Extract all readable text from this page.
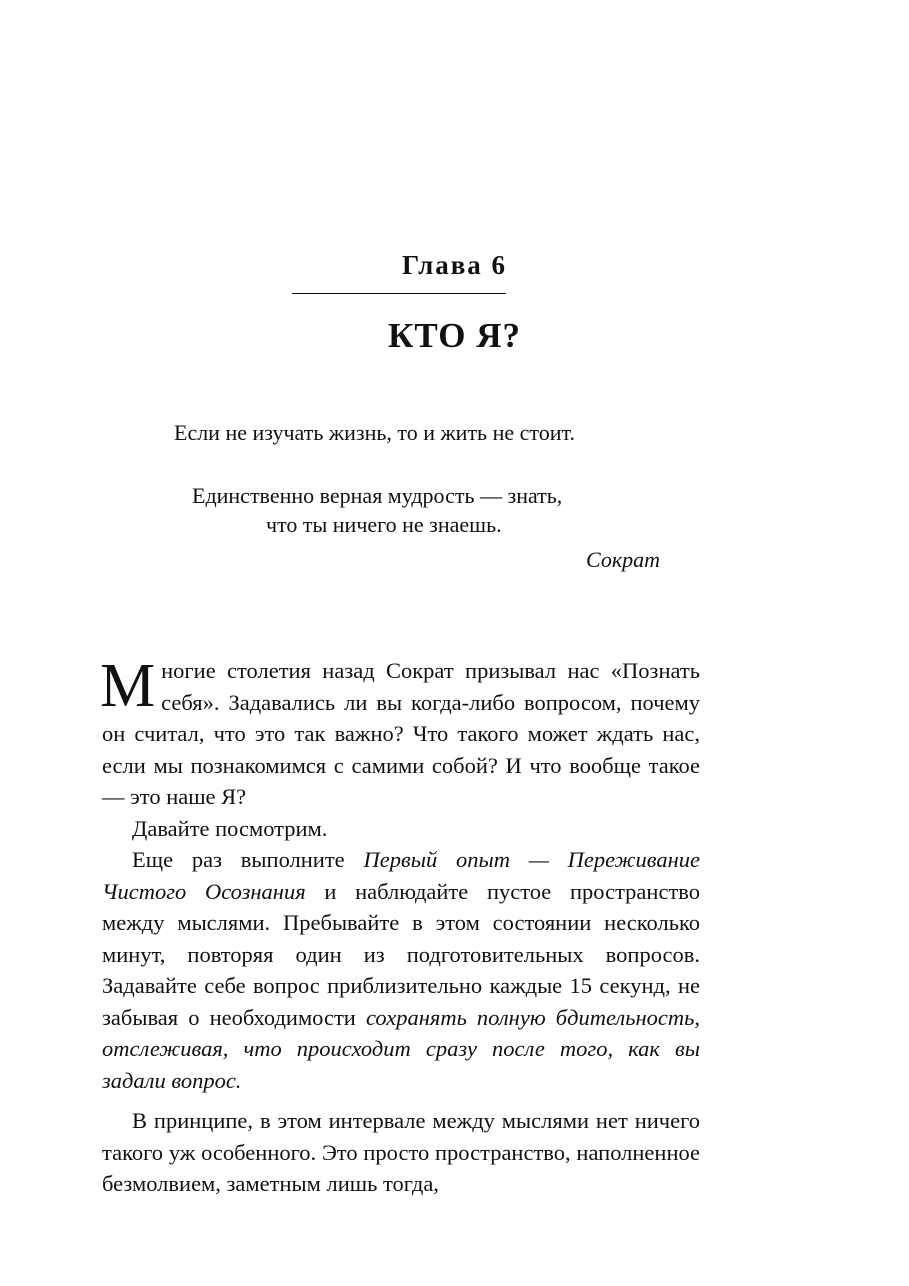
Глава 6
КТО Я?
Если не изучать жизнь, то и жить не стоит.
Единственно верная мудрость — знать,
что ты ничего не знаешь.
Сократ

Многие столетия назад Сократ призывал нас «Познать себя». Задавались ли вы когда-либо вопросом, почему он считал, что это так важно? Что такого может ждать нас, если мы познакомимся с самими собой? И что вообще такое — это наше Я?

Давайте посмотрим.

Еще раз выполните Первый опыт — Переживание Чистого Осознания и наблюдайте пустое пространство между мыслями. Пребывайте в этом состоянии несколько минут, повторяя один из подготовительных вопросов. Задавайте себе вопрос приблизительно каждые 15 секунд, не забывая о необходимости сохранять полную бдительность, отслеживая, что происходит сразу после того, как вы задали вопрос.

В принципе, в этом интервале между мыслями нет ничего такого уж особенного. Это просто пространство, наполненное безмолвием, заметным лишь тогда,
